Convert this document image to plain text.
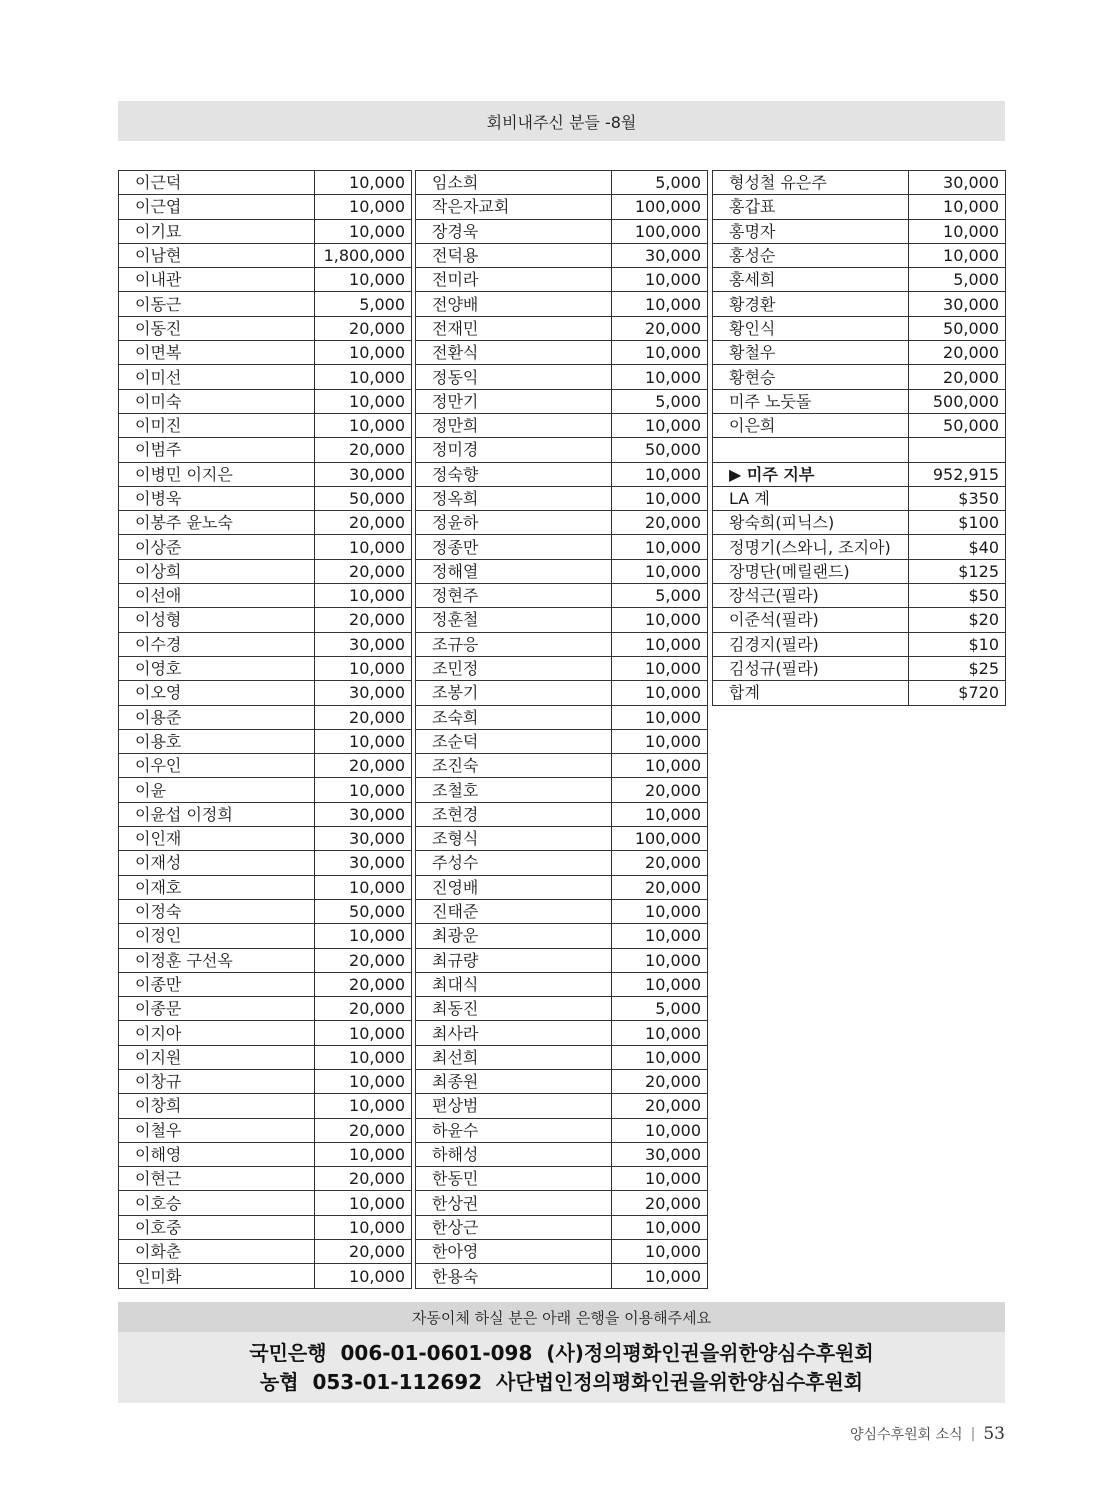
회비내주신 분들 -8월
이근덕	10,000
이근엽	10,000
이기묘	10,000
이남현	1,800,000
이내관	10,000
이동근	5,000
이동진	20,000
이면복	10,000
이미선	10,000
이미숙	10,000
이미진	10,000
이범주	20,000
이병민 이지은	30,000
이병욱	50,000
이봉주 윤노숙	20,000
이상준	10,000
이상희	20,000
이선애	10,000
이성형	20,000
이수경	30,000
이영호	10,000
이오영	30,000
이용준	20,000
이용호	10,000
이우인	20,000
이윤	10,000
이윤섭 이정희	30,000
이인재	30,000
이재성	30,000
이재호	10,000
이정숙	50,000
이정인	10,000
이정훈 구선옥	20,000
이종만	20,000
이종문	20,000
이지아	10,000
이지원	10,000
이창규	10,000
이창희	10,000
이철우	20,000
이해영	10,000
이현근	20,000
이호승	10,000
이호중	10,000
이화춘	20,000
인미화	10,000
임소희	5,000
작은자교회	100,000
장경욱	100,000
전덕용	30,000
전미라	10,000
전양배	10,000
전재민	20,000
전환식	10,000
정동익	10,000
정만기	5,000
정만희	10,000
정미경	50,000
정숙향	10,000
정옥희	10,000
정윤하	20,000
정종만	10,000
정해열	10,000
정현주	5,000
정훈철	10,000
조규응	10,000
조민정	10,000
조봉기	10,000
조숙희	10,000
조순덕	10,000
조진숙	10,000
조철호	20,000
조현경	10,000
조형식	100,000
주성수	20,000
진영배	20,000
진태준	10,000
최광운	10,000
최규량	10,000
최대식	10,000
최동진	5,000
최사라	10,000
최선희	10,000
최종원	20,000
편상범	20,000
하윤수	10,000
하해성	30,000
한동민	10,000
한상권	20,000
한상근	10,000
한아영	10,000
한용숙	10,000
형성철 유은주	30,000
홍갑표	10,000
홍명자	10,000
홍성순	10,000
홍세희	5,000
황경환	30,000
황인식	50,000
황철우	20,000
황현승	20,000
미주 노둣돌	500,000
이은희	50,000

▶ 미주 지부	952,915
LA 계	$350
왕숙희(피닉스)	$100
정명기(스와니, 조지아)	$40
장명단(메릴랜드)	$125
장석근(필라)	$50
이준석(필라)	$20
김경지(필라)	$10
김성규(필라)	$25
합계	$720
자동이체 하실 분은 아래 은행을 이용해주세요
국민은행  006-01-0601-098  (사)정의평화인권을위한양심수후원회
농협  053-01-112692  사단법인정의평화인권을위한양심수후원회
양심수후원회 소식 | 53
